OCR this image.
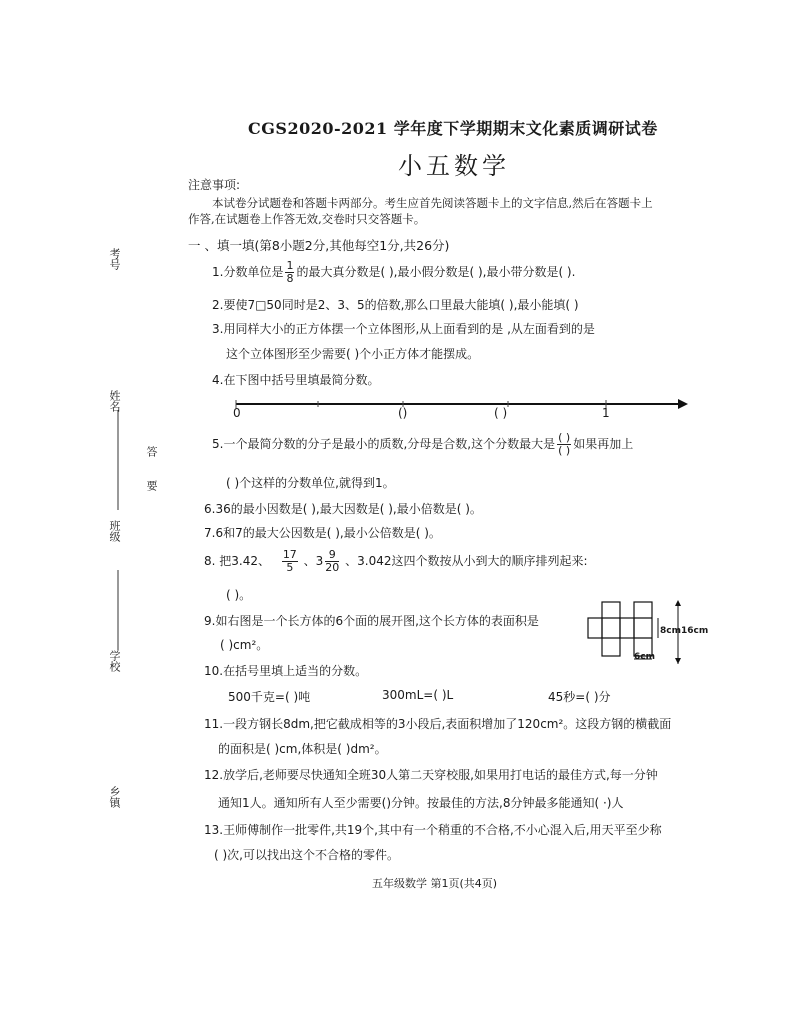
CGS2020-2021 学年度下学期期末文化素质调研试卷
小五数学
注意事项:
本试卷分试题卷和答题卡两部分。考生应首先阅读答题卡上的文字信息,然后在答题卡上
作答,在试题卷上作答无效,交卷时只交答题卡。
考号
姓名
班级
学校
乡镇
答
要
一 、填一填(第8小题2分,其他每空1分,共26分)
1.分数单位是 $\frac{1}{8}$ 的最大真分数是( ),最小假分数是( ),最小带分数是( ).
2.要使7□50同时是2、3、5的倍数,那么口里最大能填( ),最小能填( )
3.用同样大小的正方体摆一个立体图形,从上面看到的是 ,从左面看到的是
这个立体图形至少需要( )个小正方体才能摆成。
4.在下图中括号里填最简分数。
0	()	( )	1
5.一个最简分数的分子是最小的质数,分母是合数,这个分数最大是 ( )
( ) 如果再加上
( )个这样的分数单位,就得到1。
6.36的最小因数是( ),最大因数是( ),最小倍数是( )。
7.6和7的最大公因数是( ),最小公倍数是( )。
8. 把3.42、 $\frac{17}{5}$ 、$3 \frac{9}{20}$ 、3.042这四个数按从小到大的顺序排列起来:
( )。
9.如右图是一个长方体的6个面的展开图,这个长方体的表面积是
( )cm²。
8cm 16cm
6cm
10.在括号里填上适当的分数。
500千克=( )吨	300mL=( )L	45秒=( )分
11.一段方钢长8dm,把它截成相等的3小段后,表面积增加了120cm²。这段方钢的横截面
的面积是( )cm,体积是( )dm²。
12.放学后,老师要尽快通知全班30人第二天穿校服,如果用打电话的最佳方式,每一分钟
通知1人。通知所有人至少需要()分钟。按最佳的方法,8分钟最多能通知( ·)人
13.王师傅制作一批零件,共19个,其中有一个稍重的不合格,不小心混入后,用天平至少称
( )次,可以找出这个不合格的零件。
五年级数学 第1页(共4页)
